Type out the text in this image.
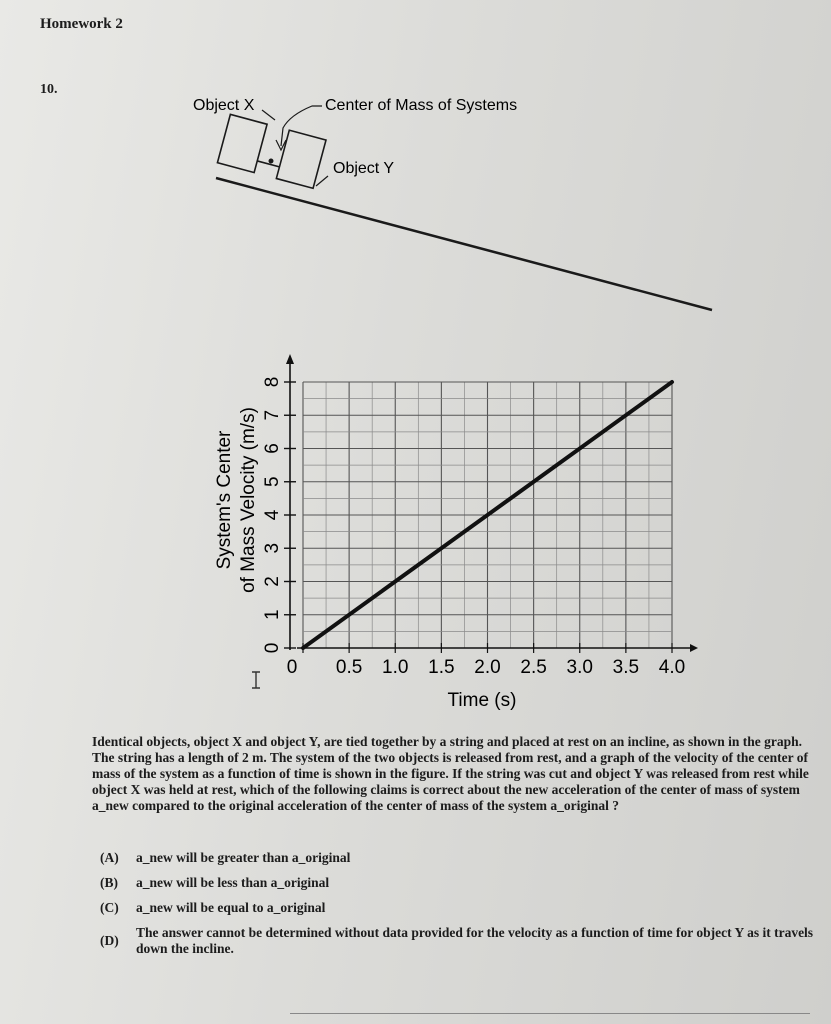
Homework 2
10.
Object X	Center of Mass of Systems
Object Y
0 0.5 1.0 1.5 2.0 2.5 3.0 3.5 4.0
0
1
2
3
4
5
6
7
8
Time (s)
System's Center of Mass Velocity (m/s)
Identical objects, object X and object Y, are tied together by a string and placed at rest on an incline, as shown in the graph. The string has a length of 2 m. The system of the two objects is released from rest, and a graph of the velocity of the center of mass of the system as a function of time is shown in the figure. If the string was cut and object Y was released from rest while object X was held at rest, which of the following claims is correct about the new acceleration of the center of mass of system a_new compared to the original acceleration of the center of mass of the system a_original ?
(A)	a_new will be greater than a_original
(B)	a_new will be less than a_original
(C)	a_new will be equal to a_original
(D)
The answer cannot be determined without data provided for the velocity as a function of time for object Y as it travels down the incline.
